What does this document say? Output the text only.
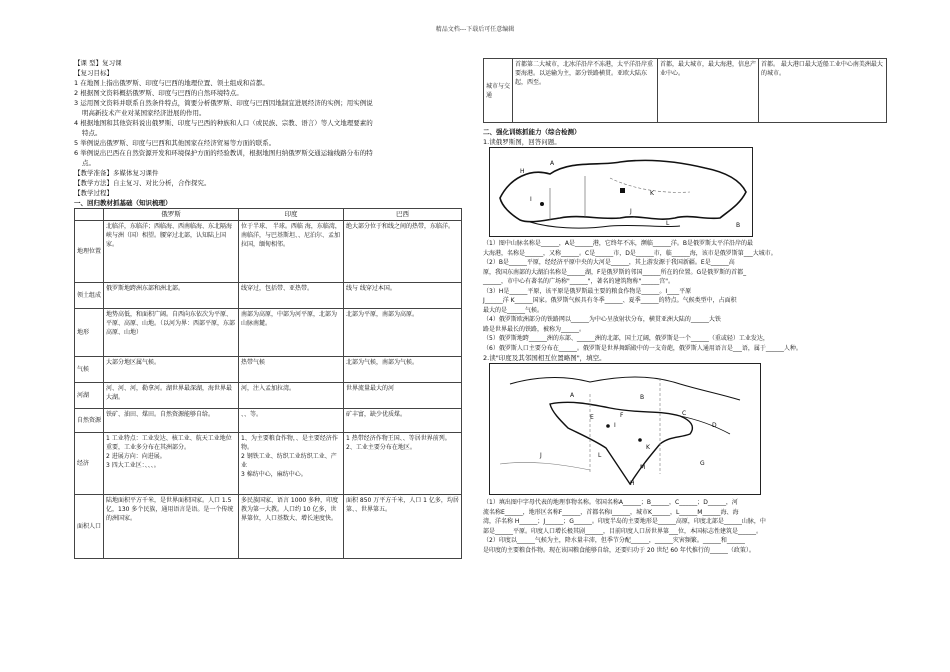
精品文档---下载后可任意编辑
【课 型】复习课
【复习目标】
1 在地图上指出俄罗斯、印度与巴西的地理位置、领土组成和首都。
2 根据图文资料概括俄罗斯、印度与巴西的自然环境特点。
3 运用图文资料并联系自然条件特点，简要分析俄罗斯、印度与巴西因地制宜进展经济的实例；用实例说
明高新技术产业对某国家经济进展的作用。
4 根据地图和其他资料说出俄罗斯、印度与巴西的种族和人口（或民族、宗教、语言）等人文地理要素的
特点。
5 举例说出俄罗斯、印度与巴西和其他国家在经济贸易等方面的联系。
6 举例说出巴西在自然资源开发和环境保护方面的经验教训，根据地图归纳俄罗斯交通运输线路分布的特
点。
【教学准备】多媒体复习课件
【教学方法】自主复习、对比分析，合作探究。
【教学过程】
一、回归教材抓基础（知识梳理）
	俄罗斯	印度	巴西
地理位置	北临洋，东临洋；西临海、西南临海、东北隔海峡与洲（国）相望。腰穿过北部，认知陆上国家。	位于半球、 半球。西临 海，东临湾，南临洋，与巴基斯坦、、尼泊尔、孟加拉国，缅甸相邻。	绝大部分位于和线之间的热带，东临洋。
领土组成	俄罗斯地跨洲东部和洲北部。	线穿过，包括带、亚热带。	线与 线穿过本国。
地形	地势高低，和面积广阔。自西向东依次为平原、平原、高原、山地。（以河为界：西部平原，东部高原、山地）	南部为高原，中部为河平原，北部为山脉南麓。	北部为平原，南部为高原。
气候	大部分地区属气候。	热带气候	北部为气候，南部为气候。
河湖	河、河、河，勒拿河。湖世界最深湖，海世界最大湖。	河，注入孟加拉湾。	世界流量最大的河
自然资源	铁矿、油田、煤田。自然资源能够自给。	、、等。	矿丰富，缺少优质煤。
经济	1 工业特点：工业发达、核工业、航天工业地位重要，工业多分布在其洲部分。
2 进展方向：向进展。
3 四大工业区：、、、。	1、为主要粮食作物，、是主要经济作物。
2 钢铁工业、纺织工业纺织工业、产业
3 棉纺中心，麻纺中心。	1 热带经济作物王国、、等居世界前列。
2、工业主要分布在地区。
面积人口	陆地面积平方千米，是世界面积国家。人口 1.5 亿，130 多个民族，通用语言是语。是一个传统的洲国家。	多民族国家、语言 1000 多种，印度教为第一大教。人口约 10 亿多，世界第位，人口基数大、增长速度快。	面积 850 万平方千米，人口 1 亿多，均居第、、世界第五。
城市与交通	首都第二大城市，北冰洋沿岸不冻港，太平洋沿岸重要海港。以运输为主，部分铁路横贯。亚欧大陆东起，西至。	首都，最大城市，最大海港，信息产业中心。	首都。 最大港口最大适船工业中心南美洲最大的城市。
二、强化训练抓能力（综合检测）
1.读俄罗斯图，回答问题。
H
B
I
J
K
L
A
（1）图中山脉名称是______，A是______港，它终年不冻，濒临______洋。B是俄罗斯太平洋沿岸的最
大海港，名称是______，又称______。C是______市，D是______市，临______海，该市是俄罗斯第___大城市。
（2）B是______平原，经经济平原中央的大河是______，其上游发源于我国新疆。E是______高
原，我国东南部的大湖泊名称是______湖，F是俄罗斯的邻国______所在的位置。G是俄罗斯的首都_
______，市中心有著名的广场称"______"，著名的建筑物称"______宫"。
（3）H是______平原，该平原是俄罗斯最主要的粮食作物是______。I____平原
J______洋 K______国家。俄罗斯气候具有冬季______、夏季______的特点。气候类型中，占面积
最大的是______气候。
（4）俄罗斯欧洲部分的铁路网以______为中心呈放射状分布，横贯亚洲大陆的______大铁
路是世界最长的铁路，被称为______。
（5）俄罗斯地跨______洲的东部、______洲的北部，国土辽阔，俄罗斯是一个______（重或轻）工业发达，
（6）俄罗斯人口主要分布在______。俄罗斯是世界舞蹈殿中的一支奇葩，俄罗斯人通用语言是___语，属于______人种。
2.读"印度及其邻国相互位置略图"，填空。
A	B
C
D
E	F
G
H
I
J
K
L
M
（1）填出图中字母代表的地理事物名称。邻国名称A______；B______，C______；D______，河
流名称E______，地形区名称F______，首都名称I______，城市K______，L______M______海、海
湾，洋名称 H______；J______；G______。印度半岛的主要地形是______高原，印度北部是______山脉，中
部是______平原。印度人口增长极其剧______，目前印度人口居世界第___位，本国标志性建筑是______。
（2）印度以______气候为主，降水量丰沛，但季节分配______，______灾害频繁。______和______
是印度的主要粮食作物。现在该国粮食能够自给，还要归功于 20 世纪 60 年代推行的______（政策）。
